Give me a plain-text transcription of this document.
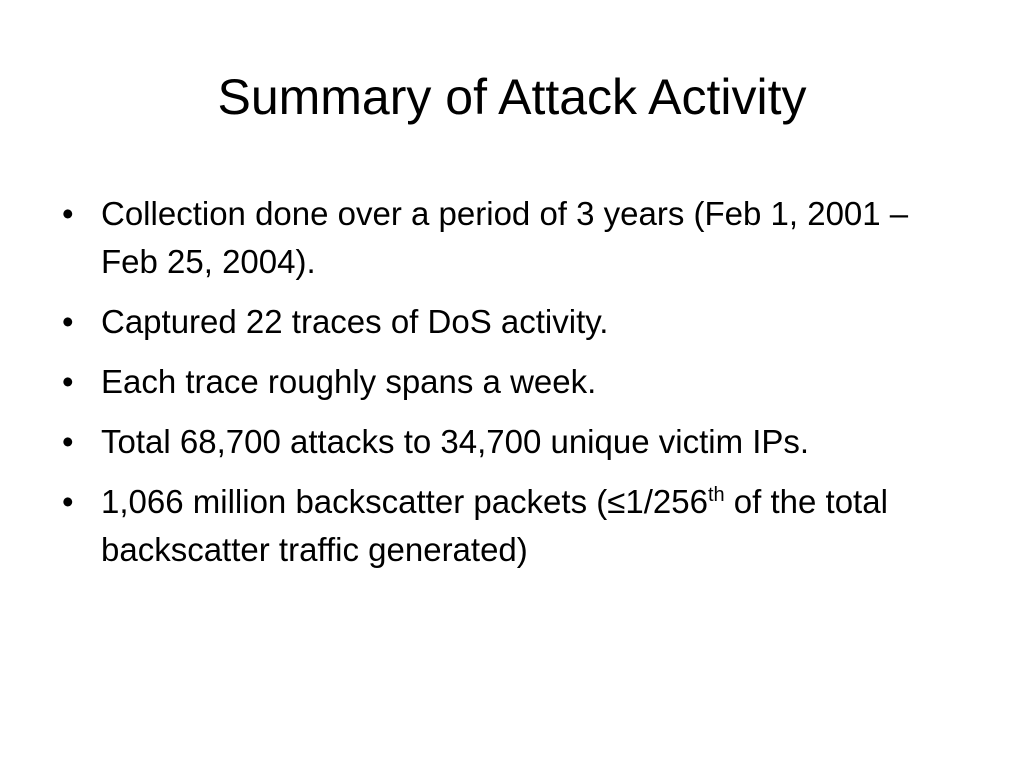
Summary of Attack Activity
• Collection done over a period of 3 years (Feb 1, 2001 – Feb 25, 2004).
• Captured 22 traces of DoS activity.
• Each trace roughly spans a week.
• Total 68,700 attacks to 34,700 unique victim IPs.
• 1,066 million backscatter packets (≤1/256th of the total backscatter traffic generated)
